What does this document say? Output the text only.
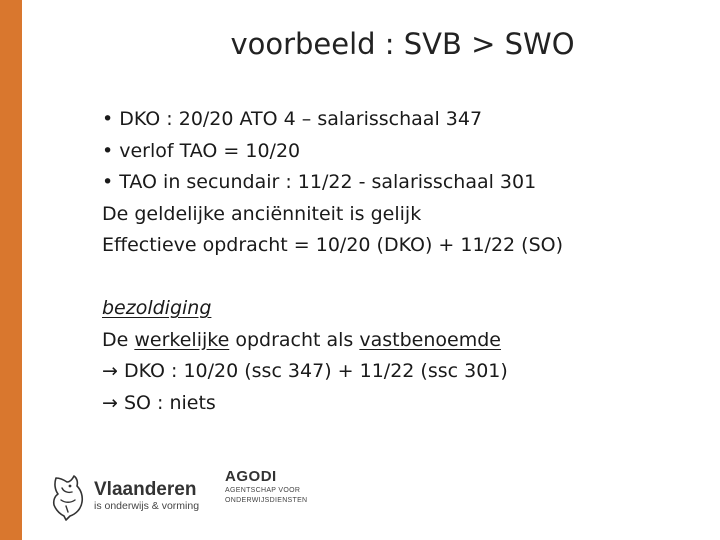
voorbeeld : SVB > SWO
• DKO : 20/20 ATO 4 – salarisschaal 347
• verlof TAO = 10/20
• TAO in secundair : 11/22 - salarisschaal 301
De geldelijke anciënniteit is gelijk
Effectieve opdracht = 10/20 (DKO) + 11/22 (SO)
bezoldiging
De werkelijke opdracht als vastbenoemde
→ DKO : 10/20 (ssc 347) + 11/22 (ssc 301)
→ SO : niets
Vlaanderen
is onderwijs & vorming
AGODI
AGENTSCHAP VOOR ONDERWIJSDIENSTEN
